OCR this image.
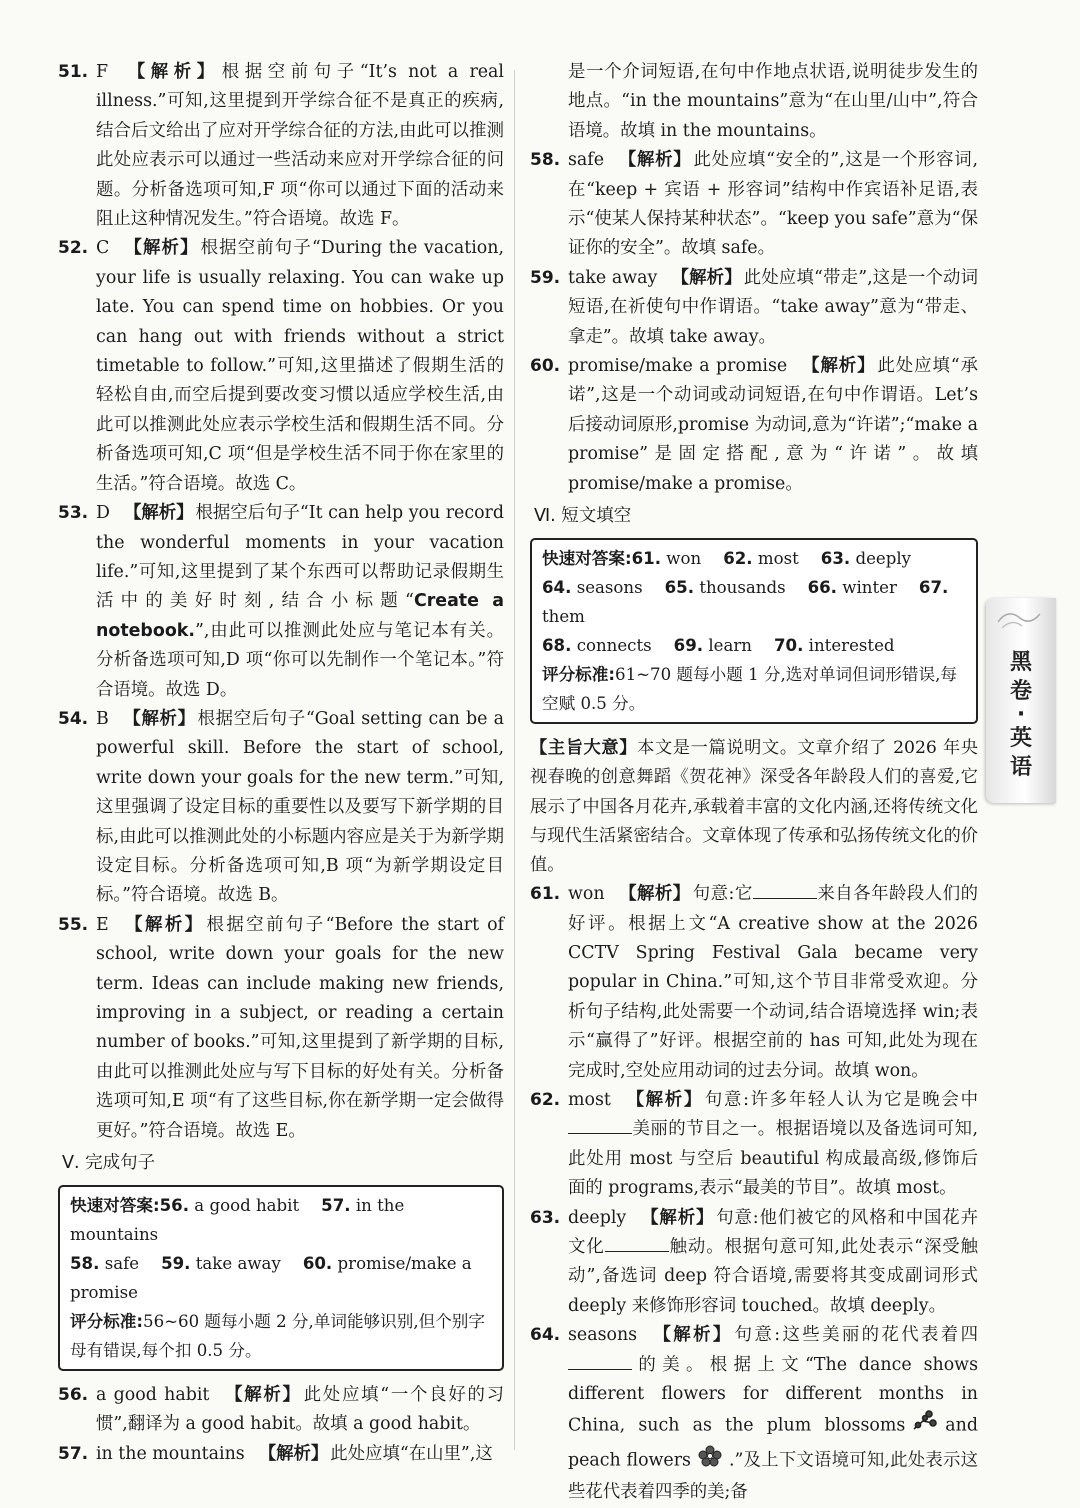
51. F 【解析】 根据空前句子“It’s not a real illness.”可知,这里提到开学综合征不是真正的疾病,结合后文给出了应对开学综合征的方法,由此可以推测此处应表示可以通过一些活动来应对开学综合征的问题。分析备选项可知,F 项“你可以通过下面的活动来阻止这种情况发生。”符合语境。故选 F。
52. C 【解析】 根据空前句子“During the vacation, your life is usually relaxing. You can wake up late. You can spend time on hobbies. Or you can hang out with friends without a strict timetable to follow.”可知,这里描述了假期生活的轻松自由,而空后提到要改变习惯以适应学校生活,由此可以推测此处应表示学校生活和假期生活不同。分析备选项可知,C 项“但是学校生活不同于你在家里的生活。”符合语境。故选 C。
53. D 【解析】 根据空后句子“It can help you record the wonderful moments in your vacation life.”可知,这里提到了某个东西可以帮助记录假期生活中的美好时刻,结合小标题“Create a notebook.”,由此可以推测此处应与笔记本有关。分析备选项可知,D 项“你可以先制作一个笔记本。”符合语境。故选 D。
54. B 【解析】 根据空后句子“Goal setting can be a powerful skill. Before the start of school, write down your goals for the new term.”可知,这里强调了设定目标的重要性以及要写下新学期的目标,由此可以推测此处的小标题内容应是关于为新学期设定目标。分析备选项可知,B 项“为新学期设定目标。”符合语境。故选 B。
55. E 【解析】 根据空前句子“Before the start of school, write down your goals for the new term. Ideas can include making new friends, improving in a subject, or reading a certain number of books.”可知,这里提到了新学期的目标,由此可以推测此处应与写下目标的好处有关。分析备选项可知,E 项“有了这些目标,你在新学期一定会做得更好。”符合语境。故选 E。
Ⅴ. 完成句子
快速对答案:56. a good habit 57. in the mountains
58. safe 59. take away 60. promise/make a promise
评分标准:56~60 题每小题 2 分,单词能够识别,但个别字母有错误,每个扣 0.5 分。
56. a good habit 【解析】 此处应填“一个良好的习惯”,翻译为 a good habit。故填 a good habit。
57. in the mountains 【解析】 此处应填“在山里”,这
是一个介词短语,在句中作地点状语,说明徒步发生的地点。“in the mountains”意为“在山里/山中”,符合语境。故填 in the mountains。
58. safe 【解析】 此处应填“安全的”,这是一个形容词,在“keep + 宾语 + 形容词”结构中作宾语补足语,表示“使某人保持某种状态”。“keep you safe”意为“保证你的安全”。故填 safe。
59. take away 【解析】 此处应填“带走”,这是一个动词短语,在祈使句中作谓语。“take away”意为“带走、拿走”。故填 take away。
60. promise/make a promise 【解析】 此处应填“承诺”,这是一个动词或动词短语,在句中作谓语。Let’s 后接动词原形,promise 为动词,意为“许诺”;“make a promise”是固定搭配,意为“许诺”。故填 promise/make a promise。
Ⅵ. 短文填空
快速对答案:61. won 62. most 63. deeply
64. seasons 65. thousands 66. winter 67. them
68. connects 69. learn 70. interested
评分标准:61~70 题每小题 1 分,选对单词但词形错误,每空赋 0.5 分。
【主旨大意】本文是一篇说明文。文章介绍了 2026 年央视春晚的创意舞蹈《贺花神》深受各年龄段人们的喜爱,它展示了中国各月花卉,承载着丰富的文化内涵,还将传统文化与现代生活紧密结合。文章体现了传承和弘扬传统文化的价值。
61. won 【解析】 句意:它	来自各年龄段人们的好评。根据上文“A creative show at the 2026 CCTV Spring Festival Gala became very popular in China.”可知,这个节目非常受欢迎。分析句子结构,此处需要一个动词,结合语境选择 win;表示“赢得了”好评。根据空前的 has 可知,此处为现在完成时,空处应用动词的过去分词。故填 won。
62. most 【解析】 句意:许多年轻人认为它是晚会中美丽的节目之一。根据语境以及备选词可知,此处用 most 与空后 beautiful 构成最高级,修饰后面的 programs,表示“最美的节目”。故填 most。
63. deeply 【解析】 句意:他们被它的风格和中国花卉文化	触动。根据句意可知,此处表示“深受触动”,备选词 deep 符合语境,需要将其变成副词形式 deeply 来修饰形容词 touched。故填 deeply。
64. seasons 【解析】 句意:这些美丽的花代表着四的美。根据上文“The dance shows different flowers for different months in China, such as the plum blossoms and peach flowers .”及上下文语境可知,此处表示这些花代表着四季的美;备
黑
卷
·
英
语
